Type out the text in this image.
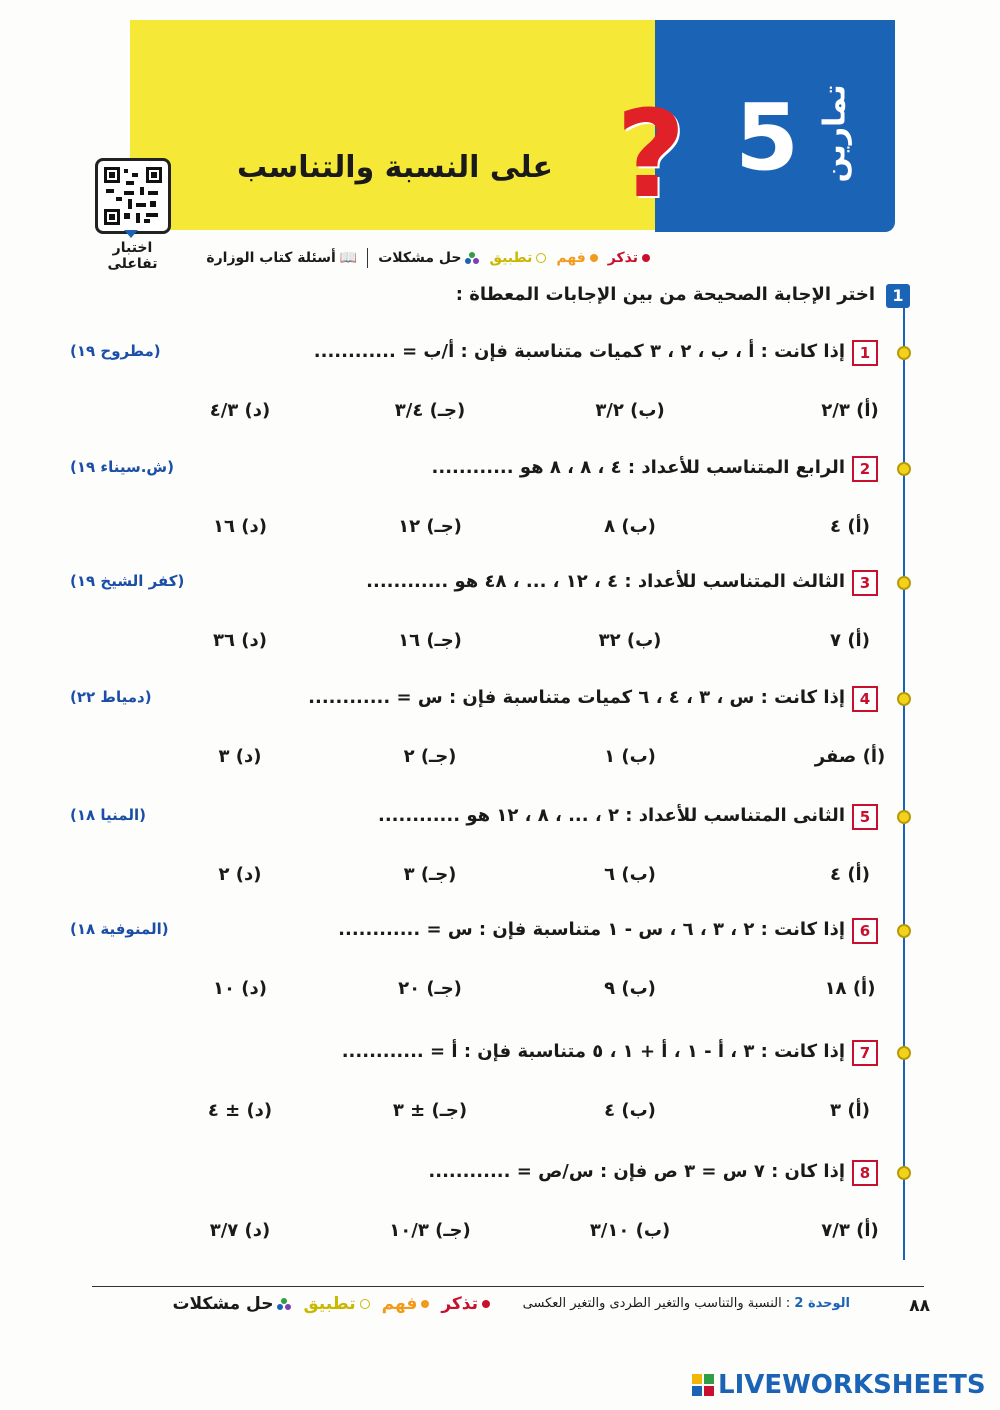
5 تمارين
?
على النسبة والتناسب
اختبار تفاعلى	تذكر
فهم
تطبيق
حل مشكلات
📖أسئلة كتاب الوزارة
1
اختر الإجابة الصحيحة من بين الإجابات المعطاة :
1
إذا كانت : أ ، ب ، ٢ ، ٣ كميات متناسبة فإن : أ/ب = ............
(مطروح ١٩)
(أ) ٢/٣
(ب) ٣/٢
(جـ) ٣/٤
(د) ٤/٣
2
الرابع المتناسب للأعداد : ٤ ، ٨ ، ٨ هو ............
(ش.سيناء ١٩)
(أ) ٤
(ب) ٨
(جـ) ١٢
(د) ١٦
3
الثالث المتناسب للأعداد : ٤ ، ١٢ ، ... ، ٤٨ هو ............
(كفر الشيخ ١٩)
(أ) ٧
(ب) ٣٢
(جـ) ١٦
(د) ٣٦
4
إذا كانت : س ، ٣ ، ٤ ، ٦ كميات متناسبة فإن : س = ............
(دمياط ٢٢)
(أ) صفر
(ب) ١
(جـ) ٢
(د) ٣
5
الثانى المتناسب للأعداد : ٢ ، ... ، ٨ ، ١٢ هو ............
(المنيا ١٨)
(أ) ٤
(ب) ٦
(جـ) ٣
(د) ٢
6
إذا كانت : ٢ ، ٣ ، ٦ ، س - ١ متناسبة فإن : س = ............
(المنوفية ١٨)
(أ) ١٨
(ب) ٩
(جـ) ٢٠
(د) ١٠
7
إذا كانت : ٣ ، أ - ١ ، أ + ١ ، ٥ متناسبة فإن : أ = ............
(أ) ٣
(ب) ٤
(جـ) ± ٣
(د) ± ٤
8
إذا كان : ٧ س = ٣ ص فإن : س/ص = ............
(أ) ٧/٣
(ب) ٣/١٠
(جـ) ١٠/٣
(د) ٣/٧
٨٨
الوحدة 2 : النسبة والتناسب والتغير الطردى والتغير العكسى
تذكر
فهم
تطبيق
حل مشكلات
LIVEWORKSHEETS
